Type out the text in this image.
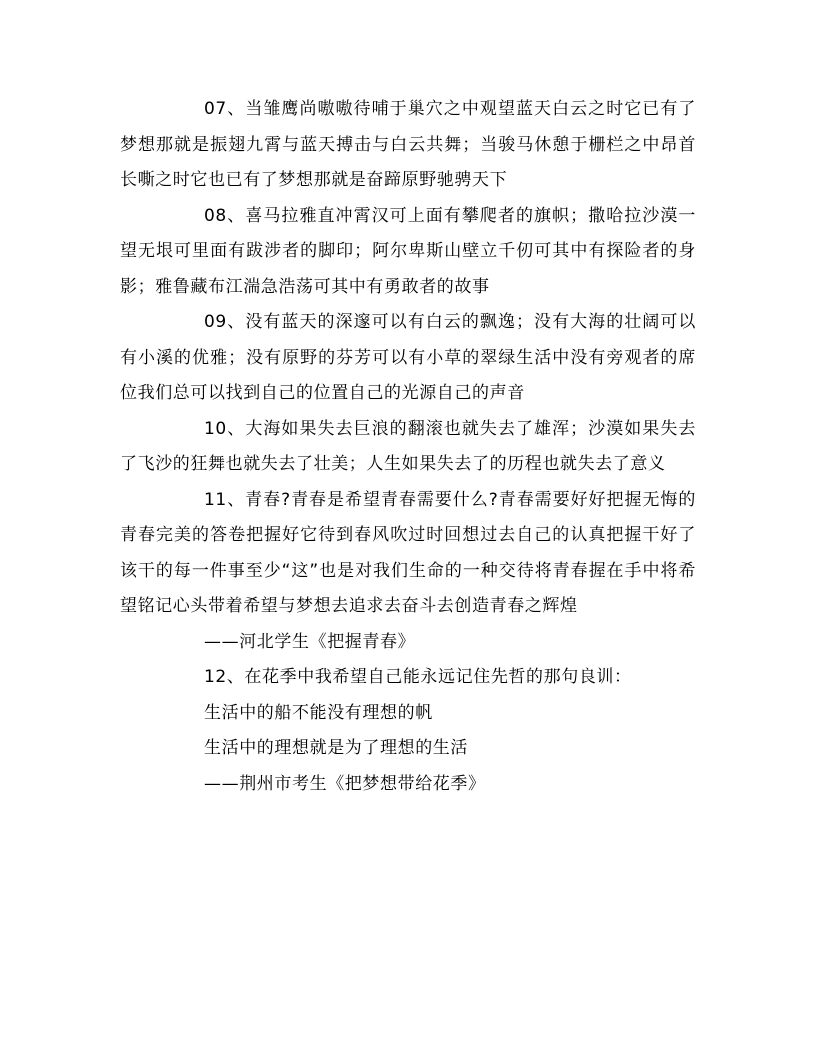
07、当雏鹰尚嗷嗷待哺于巢穴之中观望蓝天白云之时它已有了梦想那就是振翅九霄与蓝天搏击与白云共舞；当骏马休憩于栅栏之中昂首长嘶之时它也已有了梦想那就是奋蹄原野驰骋天下

08、喜马拉雅直冲霄汉可上面有攀爬者的旗帜；撒哈拉沙漠一望无垠可里面有跋涉者的脚印；阿尔卑斯山壁立千仞可其中有探险者的身影；雅鲁藏布江湍急浩荡可其中有勇敢者的故事

09、没有蓝天的深邃可以有白云的飘逸；没有大海的壮阔可以有小溪的优雅；没有原野的芬芳可以有小草的翠绿生活中没有旁观者的席位我们总可以找到自己的位置自己的光源自己的声音

10、大海如果失去巨浪的翻滚也就失去了雄浑；沙漠如果失去了飞沙的狂舞也就失去了壮美；人生如果失去了的历程也就失去了意义

11、青春?青春是希望青春需要什么?青春需要好好把握无悔的青春完美的答卷把握好它待到春风吹过时回想过去自己的认真把握干好了该干的每一件事至少“这”也是对我们生命的一种交待将青春握在手中将希望铭记心头带着希望与梦想去追求去奋斗去创造青春之辉煌

——河北学生《把握青春》

12、在花季中我希望自己能永远记住先哲的那句良训：

生活中的船不能没有理想的帆

生活中的理想就是为了理想的生活

——荆州市考生《把梦想带给花季》
